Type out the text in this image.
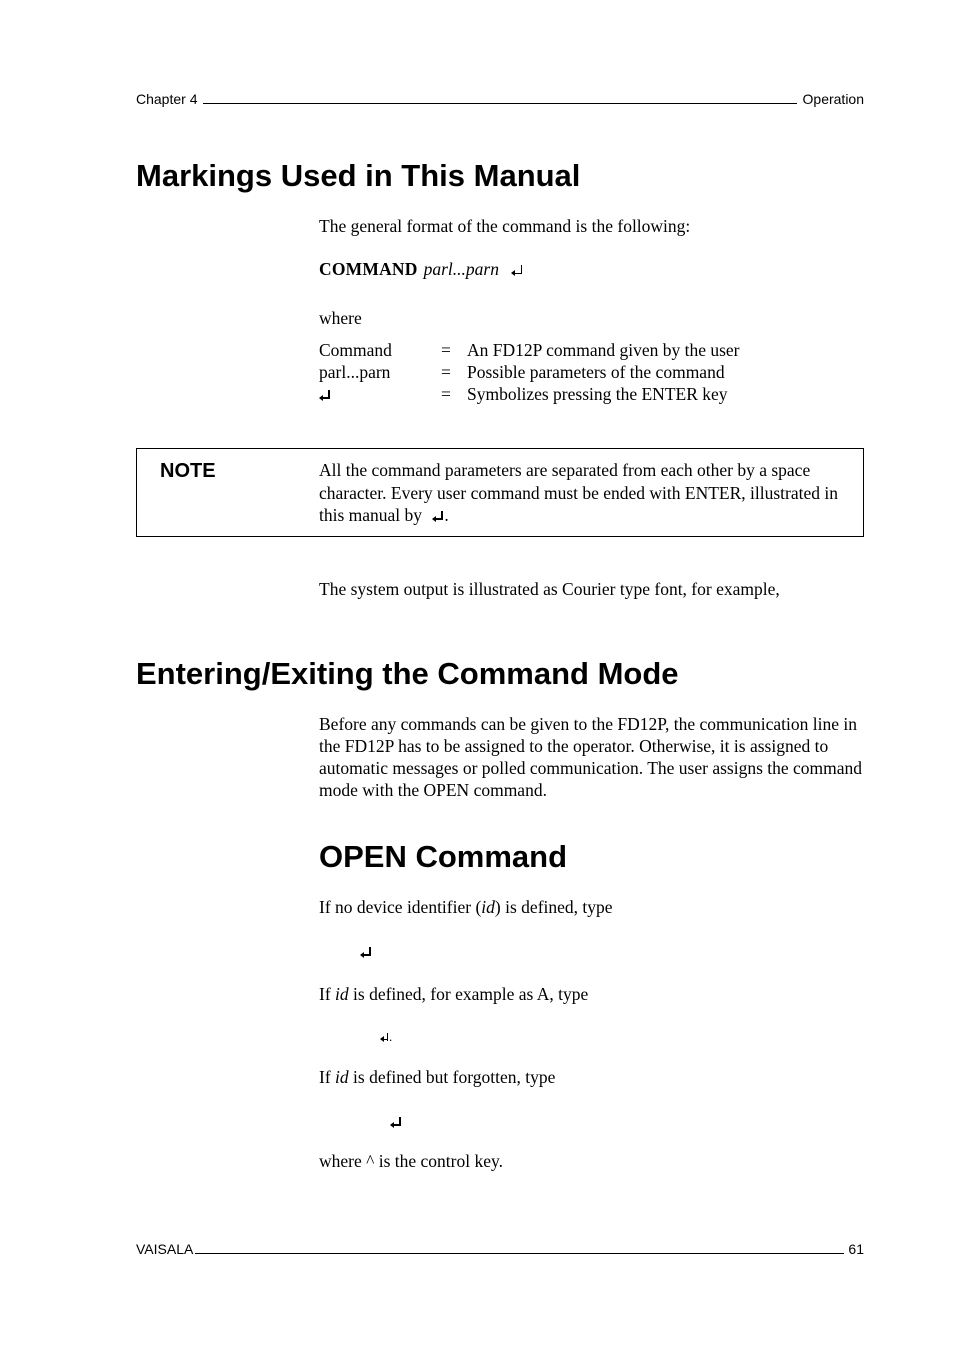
Chapter 4	Operation
Markings Used in This Manual
The general format of the command is the following:
COMMAND parl...parn
where
Command	=	An FD12P command given by the user
parl...parn	=	Possible parameters of the command

	=	Symbolizes pressing the ENTER key
NOTE	All the command parameters are separated from each other by a space character. Every user command must be ended with ENTER, illustrated in this manual by .
The system output is illustrated as Courier type font, for example,
Entering/Exiting the Command Mode
Before any commands can be given to the FD12P, the communication line in the FD12P has to be assigned to the operator. Otherwise, it is assigned to automatic messages or polled communication. The user assigns the command mode with the OPEN command.
OPEN Command
If no device identifier (id) is defined, type
If id is defined, for example as A, type
.
If id is defined but forgotten, type
where ^ is the control key.
VAISALA	61
